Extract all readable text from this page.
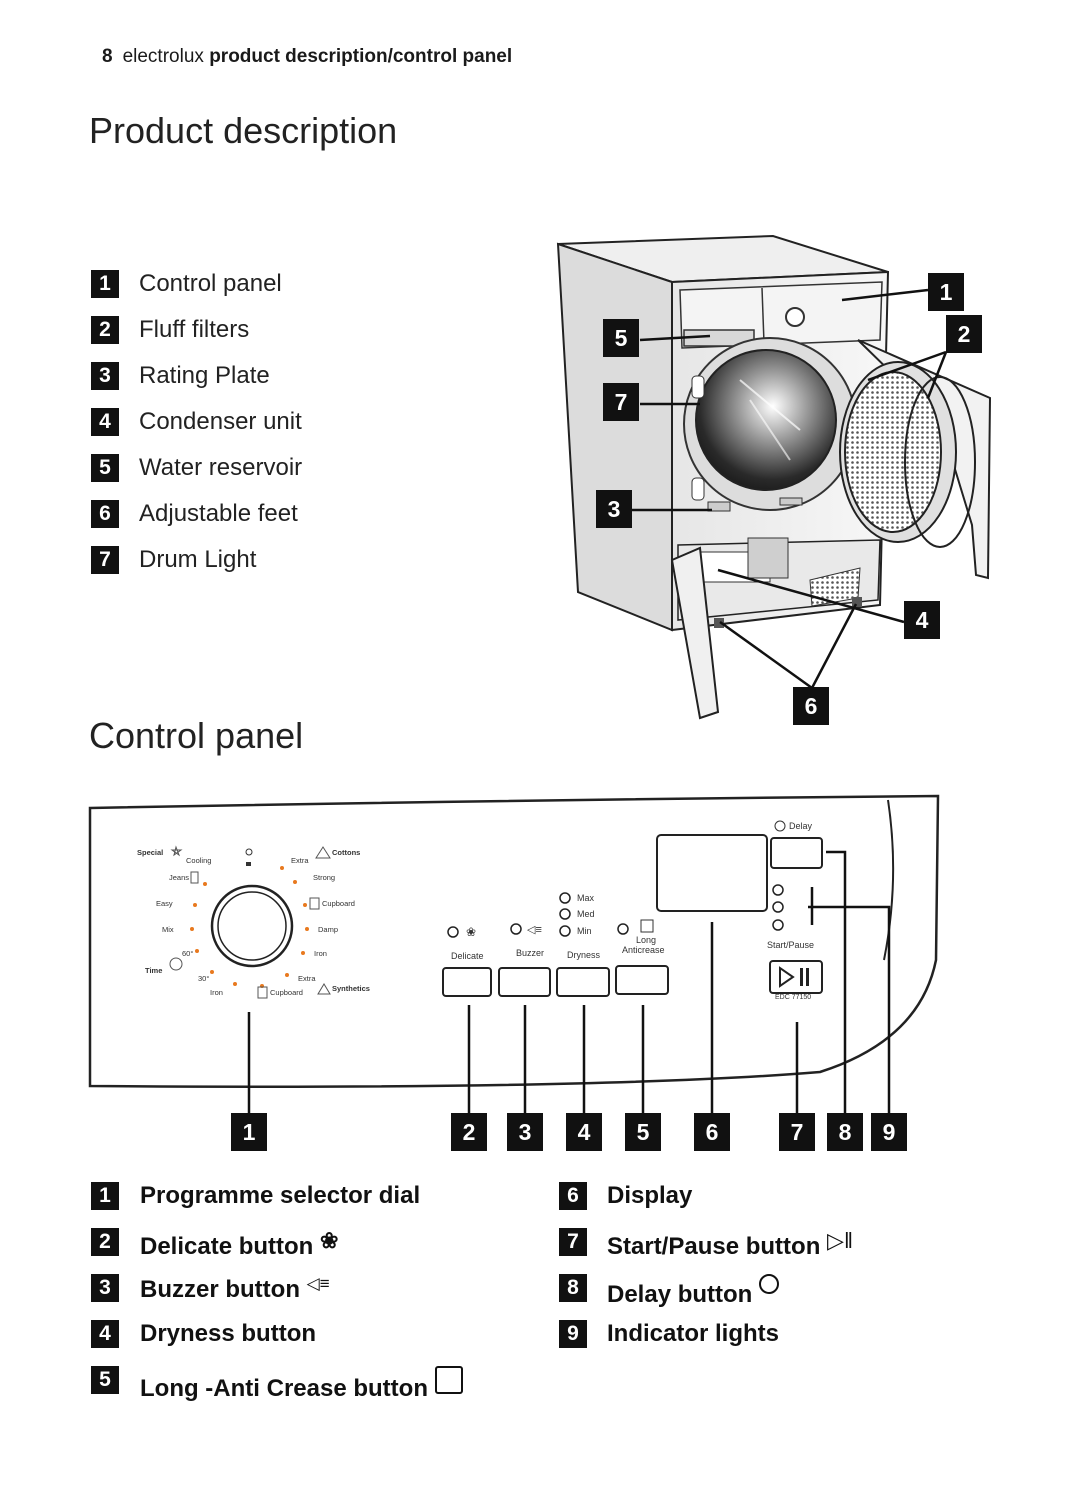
8 electrolux product description/control panel
Product description
1	Control panel
2	Fluff filters
3	Rating Plate
4	Condenser unit
5	Water reservoir
6	Adjustable feet
7	Drum Light
1
2
5
7
3
4
6
Control panel
Special
Cooling	Extra
Cottons
Strong
Jeans
Cupboard
Easy
Damp
Mix
Iron
60°
Time
30°	Extra
Iron	Cupboard	Synthetics
❀	◁≡
Max
Med
Min
Delicate	Buzzer	Dryness
Long
Anticrease
Delay
Start/Pause
EDC 77150
1	2	3	4	5	6	7	8	9
1	Programme selector dial
2	Delicate button ❀
3	Buzzer button ◁≡
4	Dryness button
5	Long -Anti Crease button
6	Display
7	Start/Pause button ▷‖
8	Delay button
9	Indicator lights
